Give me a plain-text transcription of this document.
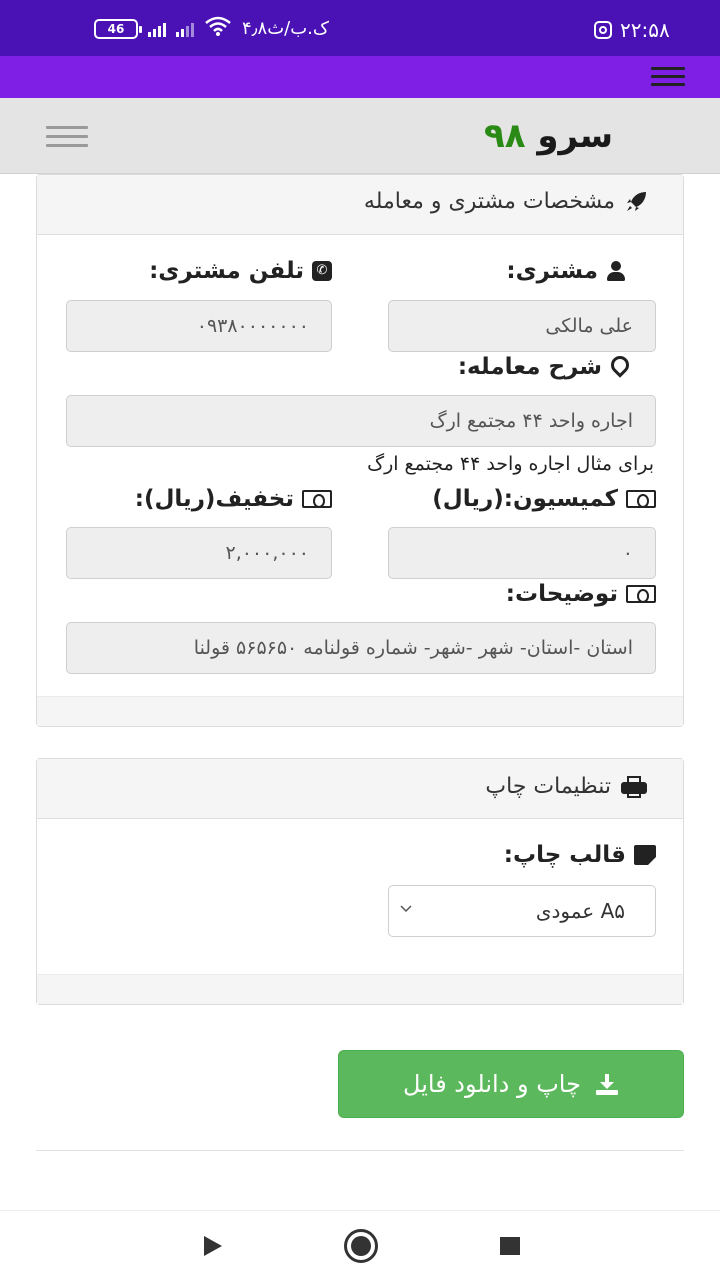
46	۴٫۸ک.ب/ث	۲۲:۵۸
سرو ۹۸
مشخصات مشتری و معامله
مشتری:
✆
تلفن مشتری:
علی مالکی
۰۹۳۸۰۰۰۰۰۰۰
شرح معامله:
اجاره واحد ۴۴ مجتمع ارگ
برای مثال اجاره واحد ۴۴ مجتمع ارگ
کمیسیون:(ریال)
تخفیف(ریال):
۰
۲,۰۰۰,۰۰۰
توضیحات:
استان -استان- شهر -شهر- شماره قولنامه ۵۶۵۶۵۰ قولنا
تنظیمات چاپ
قالب چاپ:
A۵ عمودی
چاپ و دانلود فایل
